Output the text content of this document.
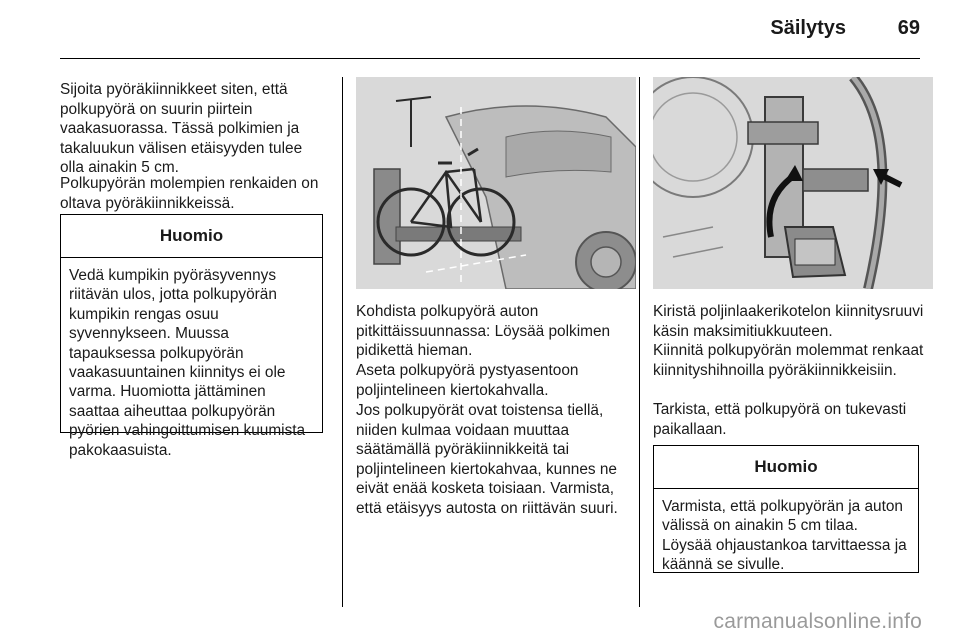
Säilytys	69

Sijoita pyöräkiinnikkeet siten, että polkupyörä on suurin piirtein vaakasuorassa. Tässä polkimien ja takaluukun välisen etäisyyden tulee olla ainakin 5 cm.

Polkupyörän molempien renkaiden on oltava pyöräkiinnikkeissä.

Huomio
Vedä kumpikin pyöräsyvennys riitävän ulos, jotta polkupyörän kumpikin rengas osuu syvennykseen. Muussa tapauksessa polkupyörän vaakasuuntainen kiinnitys ei ole varma. Huomiotta jättäminen saattaa aiheuttaa polkupyörän pyörien vahingoittumisen kuumista pakokaasuista.

Kohdista polkupyörä auton pitkittäissuunnassa: Löysää polkimen pidikettä hieman.

Aseta polkupyörä pystyasentoon poljintelineen kiertokahvalla.

Jos polkupyörät ovat toistensa tiellä, niiden kulmaa voidaan muuttaa säätämällä pyöräkiinnikkeitä tai poljintelineen kiertokahvaa, kunnes ne eivät enää kosketa toisiaan. Varmista, että etäisyys autosta on riittävän suuri.

Kiristä poljinlaakerikotelon kiinnitysruuvi käsin maksimitiukkuuteen.

Kiinnitä polkupyörän molemmat renkaat kiinnityshihnoilla pyöräkiinnikkeisiin.

Tarkista, että polkupyörä on tukevasti paikallaan.

Huomio
Varmista, että polkupyörän ja auton välissä on ainakin 5 cm tilaa. Löysää ohjaustankoa tarvittaessa ja käännä se sivulle.
carmanualsonline.info
